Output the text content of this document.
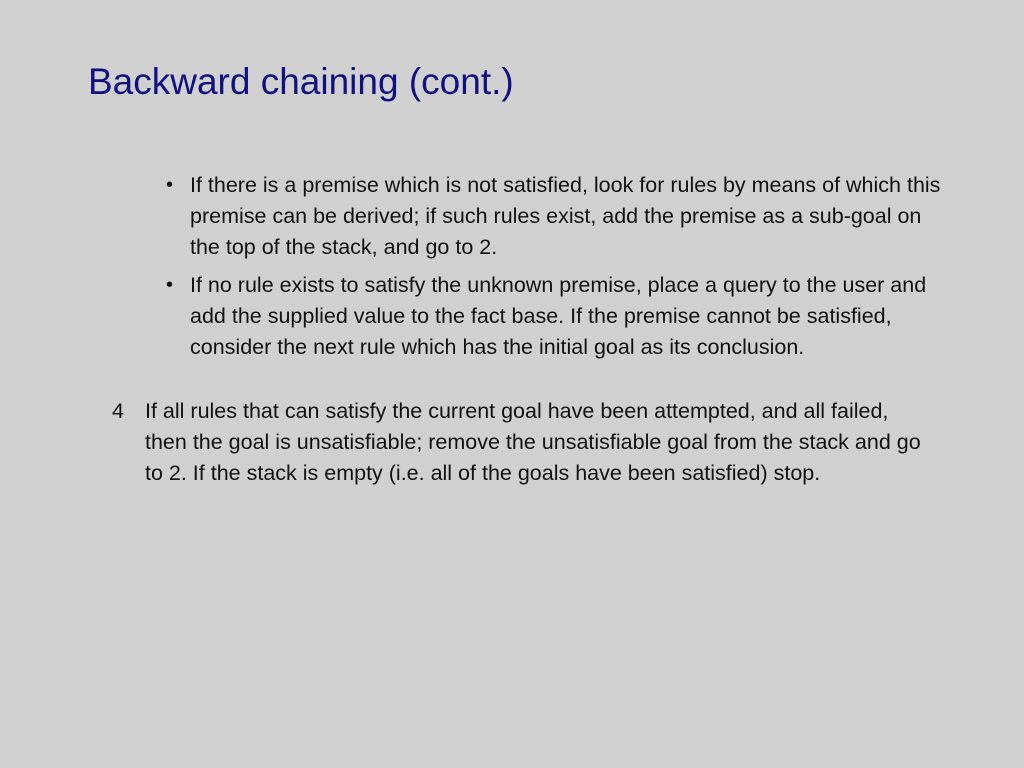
Backward chaining (cont.)
• If there is a premise which is not satisfied, look for rules by means of which this premise can be derived; if such rules exist, add the premise as a sub-goal on the top of the stack, and go to 2.
• If no rule exists to satisfy the unknown premise, place a query to the user and add the supplied value to the fact base. If the premise cannot be satisfied, consider the next rule which has the initial goal as its conclusion.
4 If all rules that can satisfy the current goal have been attempted, and all failed, then the goal is unsatisfiable; remove the unsatisfiable goal from the stack and go to 2. If the stack is empty (i.e. all of the goals have been satisfied) stop.
